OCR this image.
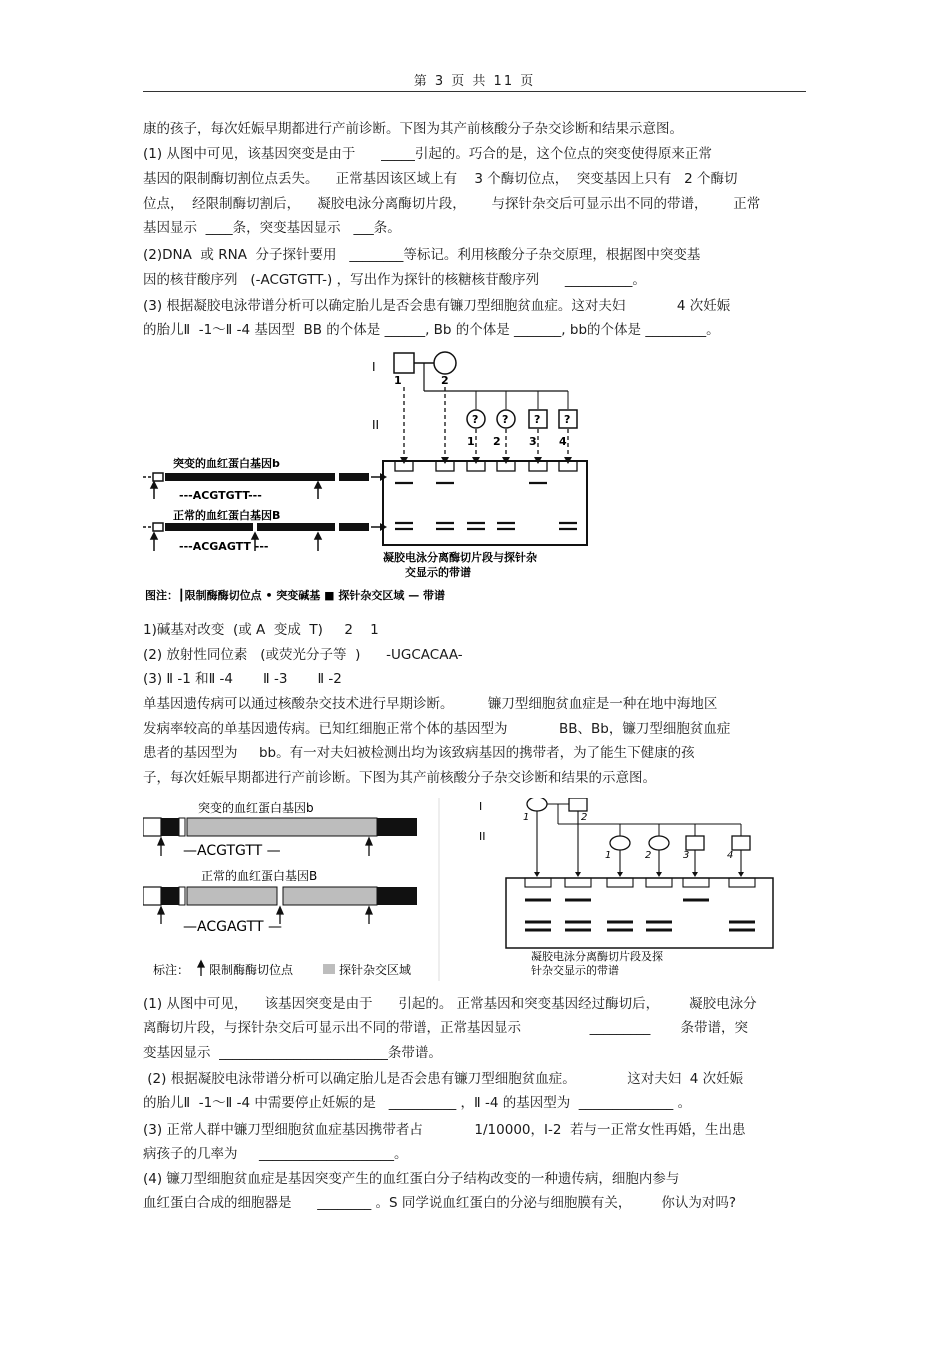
第 3 页 共 11 页
康的孩子，每次妊娠早期都进行产前诊断。下图为其产前核酸分子杂交诊断和结果示意图。
(1) 从图中可见，该基因突变是由于      _____引起的。巧合的是，这个位点的突变使得原来正常
基因的限制酶切割位点丢失。    正常基因该区域上有    3 个酶切位点，  突变基因上只有   2 个酶切
位点，  经限制酶切割后，    凝胶电泳分离酶切片段，      与探针杂交后可显示出不同的带谱，      正常
基因显示  ____条，突变基因显示   ___条。
(2)DNA  或 RNA  分子探针要用   ________等标记。利用核酸分子杂交原理，根据图中突变基
因的核苷酸序列   (-ACGTGTT-) ，写出作为探针的核糖核苷酸序列      __________。
(3) 根据凝胶电泳带谱分析可以确定胎儿是否会患有镰刀型细胞贫血症。这对夫妇            4 次妊娠
的胎儿Ⅱ  -1～Ⅱ -4 基因型  BB 的个体是 ______, Bb 的个体是 _______, bb的个体是 _________。
I
II
1	2
? ? ? ?
1 2	3 4
凝胶电泳分离酶切片段与探针杂
交显示的带谱
突变的血红蛋白基因b
---ACGTGTT---
正常的血红蛋白基因B
---ACGAGTT ---
图注：┃限制酶酶切位点 • 突变碱基 ■ 探针杂交区域 — 带谱
1)碱基对改变  (或 A  变成  T)     2    1
(2) 放射性同位素   (或荧光分子等  )      -UGCACAA-
(3) Ⅱ -1 和Ⅱ -4       Ⅱ -3       Ⅱ -2
单基因遗传病可以通过核酸杂交技术进行早期诊断。        镰刀型细胞贫血症是一种在地中海地区
发病率较高的单基因遗传病。已知红细胞正常个体的基因型为            BB、Bb，镰刀型细胞贫血症
患者的基因型为     bb。有一对夫妇被检测出均为该致病基因的携带者，为了能生下健康的孩
子，每次妊娠早期都进行产前诊断。下图为其产前核酸分子杂交诊断和结果的示意图。
突变的血红蛋白基因b
—ACGTGTT —
正常的血红蛋白基因B
—ACGAGTT —
标注： 限制酶酶切位点	探针杂交区域
I
II
1	2
1	2	3	4
凝胶电泳分离酶切片段及探
针杂交显示的带谱
(1) 从图中可见，    该基因突变是由于      引起的。 正常基因和突变基因经过酶切后，       凝胶电泳分
离酶切片段，与探针杂交后可显示出不同的带谱，正常基因显示                _________       条带谱，突
变基因显示  _________________________条带谱。
(2) 根据凝胶电泳带谱分析可以确定胎儿是否会患有镰刀型细胞贫血症。            这对夫妇  4 次妊娠
的胎儿Ⅱ  -1～Ⅱ -4 中需要停止妊娠的是   __________ ，Ⅱ -4 的基因型为  ______________ 。
(3) 正常人群中镰刀型细胞贫血症基因携带者占            1/10000，I-2  若与一正常女性再婚，生出患
病孩子的几率为     ____________________。
(4) 镰刀型细胞贫血症是基因突变产生的血红蛋白分子结构改变的一种遗传病，细胞内参与
血红蛋白合成的细胞器是      ________ 。S 同学说血红蛋白的分泌与细胞膜有关，       你认为对吗?
